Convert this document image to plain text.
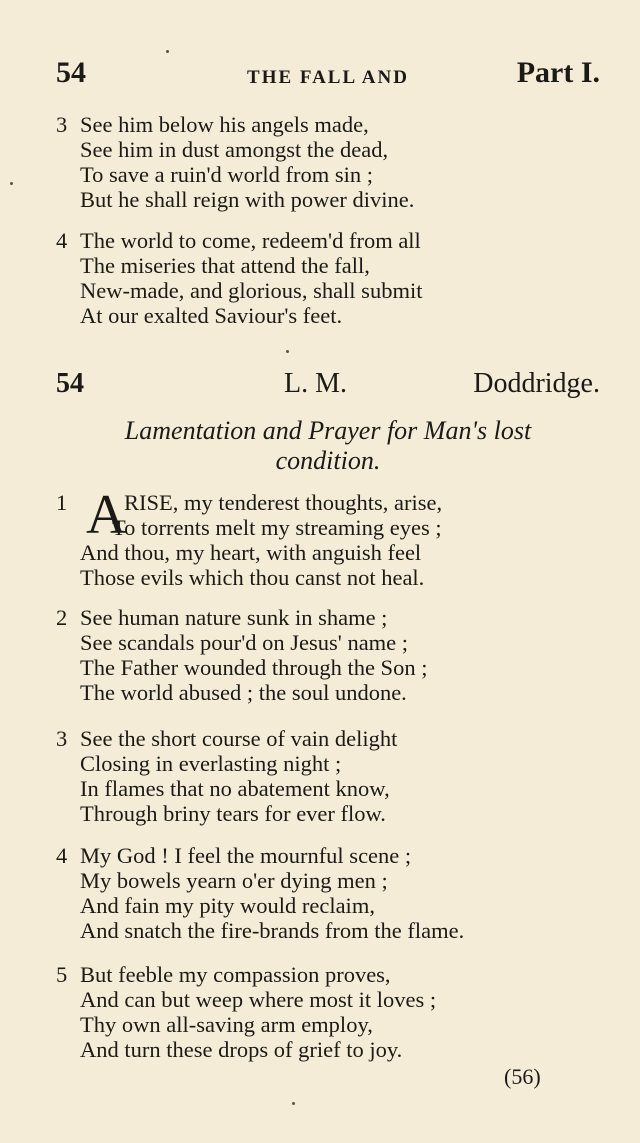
54	THE FALL AND	Part I.
3 See him below his angels made,
See him in dust amongst the dead,
To save a ruin'd world from sin ;
But he shall reign with power divine.
4 The world to come, redeem'd from all
The miseries that attend the fall,
New-made, and glorious, shall submit
At our exalted Saviour's feet.
54	L. M.	Doddridge.
Lamentation and Prayer for Man's lost
condition.
1 A
RISE, my tenderest thoughts, arise,
To torrents melt my streaming eyes ;
And thou, my heart, with anguish feel
Those evils which thou canst not heal.
2 See human nature sunk in shame ;
See scandals pour'd on Jesus' name ;
The Father wounded through the Son ;
The world abused ; the soul undone.
3 See the short course of vain delight
Closing in everlasting night ;
In flames that no abatement know,
Through briny tears for ever flow.
4 My God ! I feel the mournful scene ;
My bowels yearn o'er dying men ;
And fain my pity would reclaim,
And snatch the fire-brands from the flame.
5 But feeble my compassion proves,
And can but weep where most it loves ;
Thy own all-saving arm employ,
And turn these drops of grief to joy.
(56)
